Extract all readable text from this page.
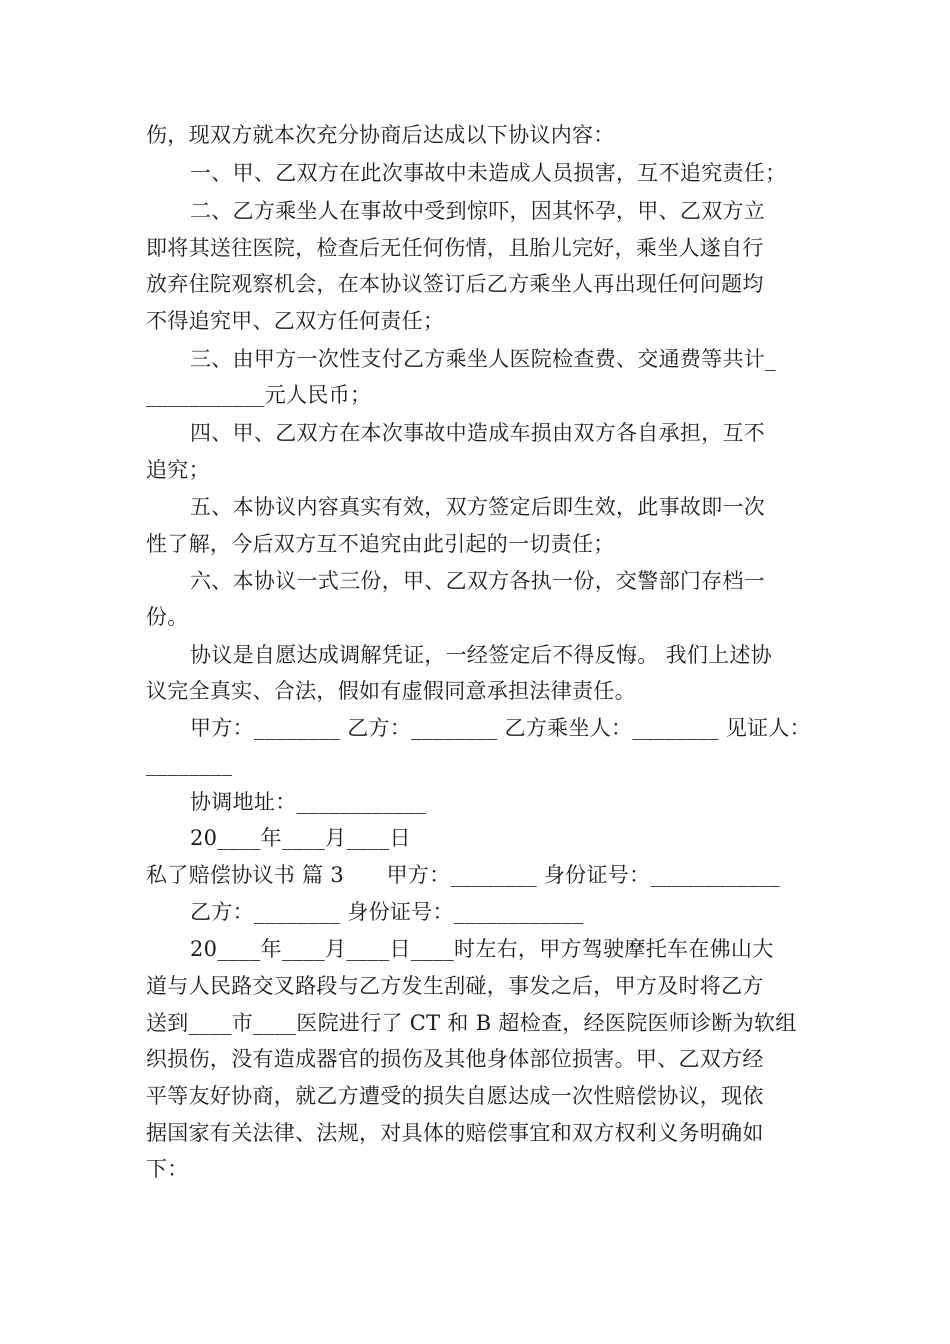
伤，现双方就本次充分协商后达成以下协议内容：
一、甲、乙双方在此次事故中未造成人员损害，互不追究责任；
二、乙方乘坐人在事故中受到惊吓，因其怀孕，甲、乙双方立
即将其送往医院，检查后无任何伤情，且胎儿完好，乘坐人遂自行
放弃住院观察机会，在本协议签订后乙方乘坐人再出现任何问题均
不得追究甲、乙双方任何责任；
三、由甲方一次性支付乙方乘坐人医院检查费、交通费等共计_
___________元人民币；
四、甲、乙双方在本次事故中造成车损由双方各自承担，互不
追究；
五、本协议内容真实有效，双方签定后即生效，此事故即一次
性了解，今后双方互不追究由此引起的一切责任；
六、本协议一式三份，甲、乙双方各执一份，交警部门存档一
份。
协议是自愿达成调解凭证，一经签定后不得反悔。 我们上述协
议完全真实、合法，假如有虚假同意承担法律责任。
甲方：________ 乙方：________ 乙方乘坐人：________ 见证人：
________
协调地址：____________
20____年____月____日
私了赔偿协议书 篇 3　　甲方：________ 身份证号：____________
乙方：________ 身份证号：____________
20____年____月____日____时左右，甲方驾驶摩托车在佛山大
道与人民路交叉路段与乙方发生刮碰，事发之后，甲方及时将乙方
送到____市____医院进行了 CT 和 B 超检查，经医院医师诊断为软组
织损伤，没有造成器官的损伤及其他身体部位损害。甲、乙双方经
平等友好协商，就乙方遭受的损失自愿达成一次性赔偿协议，现依
据国家有关法律、法规，对具体的赔偿事宜和双方权利义务明确如
下：
